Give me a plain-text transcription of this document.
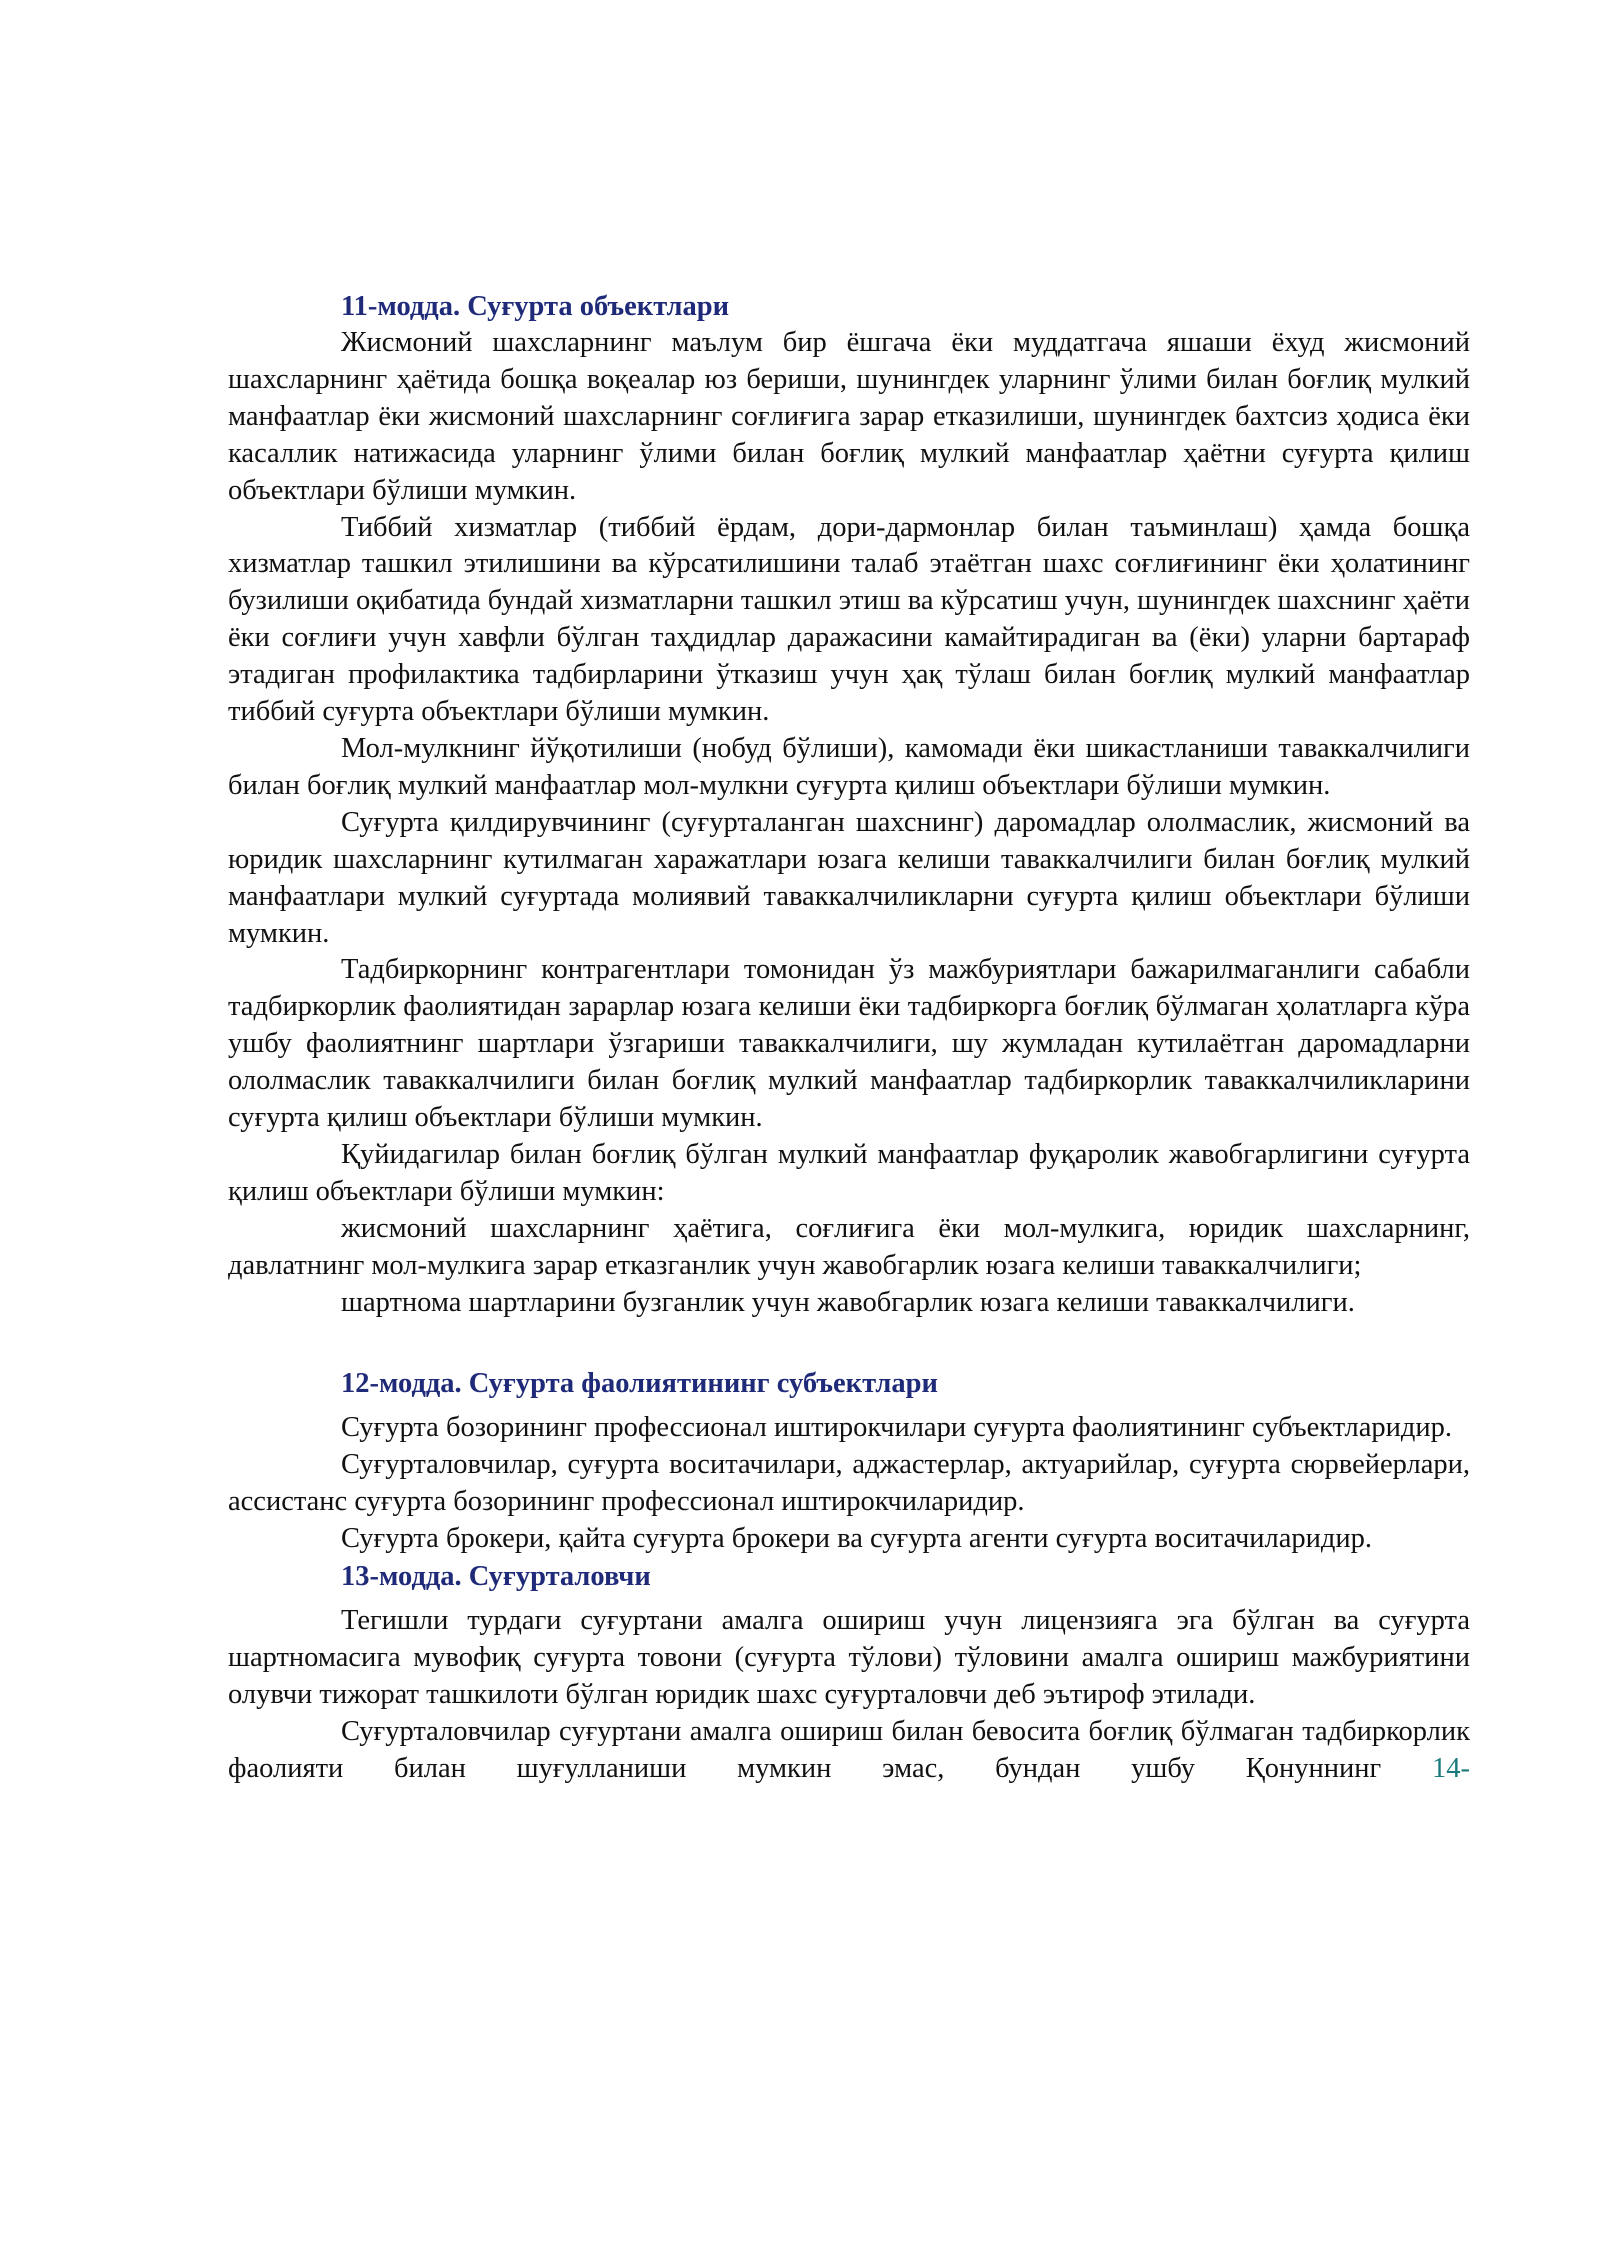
11-модда. Суғурта объектлари

Жисмоний шахсларнинг маълум бир ёшгача ёки муддатгача яшаши ёхуд жисмоний шахсларнинг ҳаётида бошқа воқеалар юз бериши, шунингдек уларнинг ўлими билан боғлиқ мулкий манфаатлар ёки жисмоний шахсларнинг соғлиғига зарар етказилиши, шунингдек бахтсиз ҳодиса ёки касаллик натижасида уларнинг ўлими билан боғлиқ мулкий манфаатлар ҳаётни суғурта қилиш объектлари бўлиши мумкин.

Тиббий хизматлар (тиббий ёрдам, дори-дармонлар билан таъминлаш) ҳамда бошқа хизматлар ташкил этилишини ва кўрсатилишини талаб этаётган шахс соғлиғининг ёки ҳолатининг бузилиши оқибатида бундай хизматларни ташкил этиш ва кўрсатиш учун, шунингдек шахснинг ҳаёти ёки соғлиғи учун хавфли бўлган таҳдидлар даражасини камайтирадиган ва (ёки) уларни бартараф этадиган профилактика тадбирларини ўтказиш учун ҳақ тўлаш билан боғлиқ мулкий манфаатлар тиббий суғурта объектлари бўлиши мумкин.

Мол-мулкнинг йўқотилиши (нобуд бўлиши), камомади ёки шикастланиши таваккалчилиги билан боғлиқ мулкий манфаатлар мол-мулкни суғурта қилиш объектлари бўлиши мумкин.

Суғурта қилдирувчининг (суғурталанган шахснинг) даромадлар ололмаслик, жисмоний ва юридик шахсларнинг кутилмаган харажатлари юзага келиши таваккалчилиги билан боғлиқ мулкий манфаатлари мулкий суғуртада молиявий таваккалчиликларни суғурта қилиш объектлари бўлиши мумкин.

Тадбиркорнинг контрагентлари томонидан ўз мажбуриятлари бажарилмаганлиги сабабли тадбиркорлик фаолиятидан зарарлар юзага келиши ёки тадбиркорга боғлиқ бўлмаган ҳолатларга кўра ушбу фаолиятнинг шартлари ўзгариши таваккалчилиги, шу жумладан кутилаётган даромадларни ололмаслик таваккалчилиги билан боғлиқ мулкий манфаатлар тадбиркорлик таваккалчиликларини суғурта қилиш объектлари бўлиши мумкин.

Қуйидагилар билан боғлиқ бўлган мулкий манфаатлар фуқаролик жавобгарлигини суғурта қилиш объектлари бўлиши мумкин:

жисмоний шахсларнинг ҳаётига, соғлиғига ёки мол-мулкига, юридик шахсларнинг, давлатнинг мол-мулкига зарар етказганлик учун жавобгарлик юзага келиши таваккалчилиги;

шартнома шартларини бузганлик учун жавобгарлик юзага келиши таваккалчилиги.

12-модда. Суғурта фаолиятининг субъектлари

Суғурта бозорининг профессионал иштирокчилари суғурта фаолиятининг субъектларидир.

Суғурталовчилар, суғурта воситачилари, аджастерлар, актуарийлар, суғурта сюрвейерлари, ассистанс суғурта бозорининг профессионал иштирокчиларидир.

Суғурта брокери, қайта суғурта брокери ва суғурта агенти суғурта воситачиларидир.

13-модда. Суғурталовчи

Тегишли турдаги суғуртани амалга ошириш учун лицензияга эга бўлган ва суғурта шартномасига мувофиқ суғурта товони (суғурта тўлови) тўловини амалга ошириш мажбуриятини олувчи тижорат ташкилоти бўлган юридик шахс суғурталовчи деб эътироф этилади.

Суғурталовчилар суғуртани амалга ошириш билан бевосита боғлиқ бўлмаган тадбиркорлик фаолияти билан шуғулланиши мумкин эмас, бундан ушбу Қонуннинг 14-
